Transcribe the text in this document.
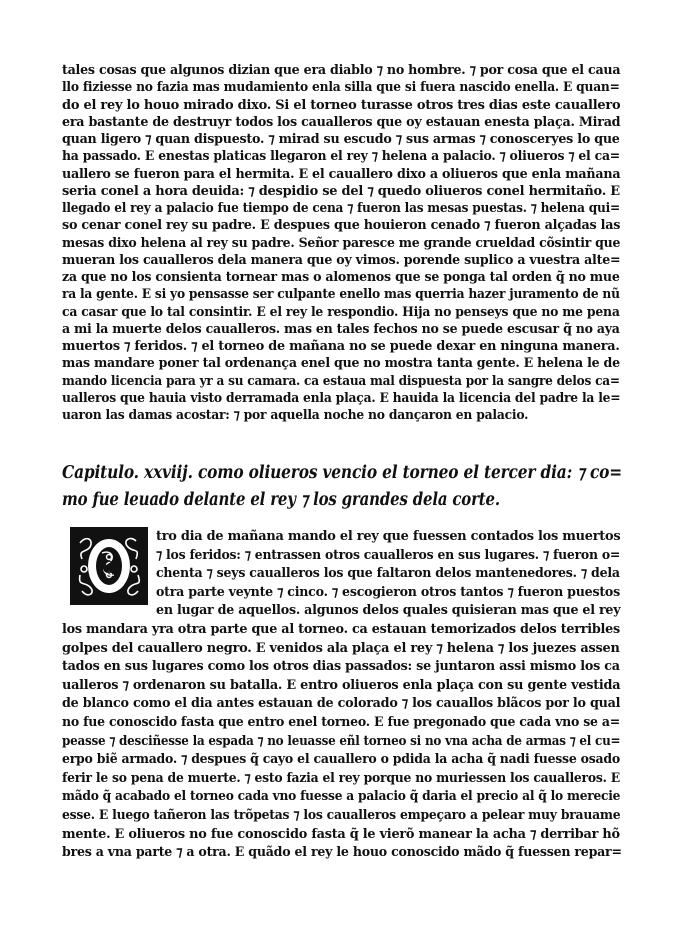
tales cosas que algunos dizian que era diablo ⁊ no hombre. ⁊ por cosa que el caua
llo fiziesse no fazia mas mudamiento enla silla que si fuera nascido enella. E quan=
do el rey lo houo mirado dixo. Si el torneo turasse otros tres dias este cauallero
era bastante de destruyr todos los caualleros que oy estauan enesta plaça. Mirad
quan ligero ⁊ quan dispuesto. ⁊ mirad su escudo ⁊ sus armas ⁊ conosceryes lo que
ha passado. E enestas platicas llegaron el rey ⁊ helena a palacio. ⁊ oliueros ⁊ el ca=
uallero se fueron para el hermita. E el cauallero dixo a oliueros que enla mañana
seria conel a hora deuida: ⁊ despidio se del ⁊ quedo oliueros conel hermitaño. E
llegado el rey a palacio fue tiempo de cena ⁊ fueron las mesas puestas. ⁊ helena qui=
so cenar conel rey su padre. E despues que houieron cenado ⁊ fueron alçadas las
mesas dixo helena al rey su padre. Señor paresce me grande crueldad cõsintir que
mueran los caualleros dela manera que oy vimos. porende suplico a vuestra alte=
za que no los consienta tornear mas o alomenos que se ponga tal orden q̃ no mue
ra la gente. E si yo pensasse ser culpante enello mas querria hazer juramento de nũ
ca casar que lo tal consintir. E el rey le respondio. Hija no penseys que no me pena
a mi la muerte delos caualleros. mas en tales fechos no se puede escusar q̃ no aya
muertos ⁊ feridos. ⁊ el torneo de mañana no se puede dexar en ninguna manera.
mas mandare poner tal ordenança enel que no mostra tanta gente. E helena le de
mando licencia para yr a su camara. ca estaua mal dispuesta por la sangre delos ca=
ualleros que hauia visto derramada enla plaça. E hauida la licencia del padre la le=
uaron las damas acostar: ⁊ por aquella noche no dançaron en palacio.
Capitulo. xxviij. como oliueros vencio el torneo el tercer dia: ⁊ co=
mo fue leuado delante el rey ⁊ los grandes dela corte.
O
tro dia de mañana mando el rey que fuessen contados los muertos
⁊ los feridos: ⁊ entrassen otros caualleros en sus lugares. ⁊ fueron o=
chenta ⁊ seys caualleros los que faltaron delos mantenedores. ⁊ dela
otra parte veynte ⁊ cinco. ⁊ escogieron otros tantos ⁊ fueron puestos
en lugar de aquellos. algunos delos quales quisieran mas que el rey
los mandara yra otra parte que al torneo. ca estauan temorizados delos terribles
golpes del cauallero negro. E venidos ala plaça el rey ⁊ helena ⁊ los juezes assen
tados en sus lugares como los otros dias passados: se juntaron assi mismo los ca
ualleros ⁊ ordenaron su batalla. E entro oliueros enla plaça con su gente vestida
de blanco como el dia antes estauan de colorado ⁊ los cauallos blãcos por lo qual
no fue conoscido fasta que entro enel torneo. E fue pregonado que cada vno se a=
peasse ⁊ desciñesse la espada ⁊ no leuasse eñl torneo si no vna acha de armas ⁊ el cu=
erpo biẽ armado. ⁊ despues q̃ cayo el cauallero o pdida la acha q̃ nadi fuesse osado
ferir le so pena de muerte. ⁊ esto fazia el rey porque no muriessen los caualleros. E
mãdo q̃ acabado el torneo cada vno fuesse a palacio q̃ daria el precio al q̃ lo merecie
esse. E luego tañeron las trõpetas ⁊ los caualleros empeçaro a pelear muy brauame
mente. E oliueros no fue conoscido fasta q̃ le vierõ manear la acha ⁊ derribar hõ
bres a vna parte ⁊ a otra. E quãdo el rey le houo conoscido mãdo q̃ fuessen repar=
